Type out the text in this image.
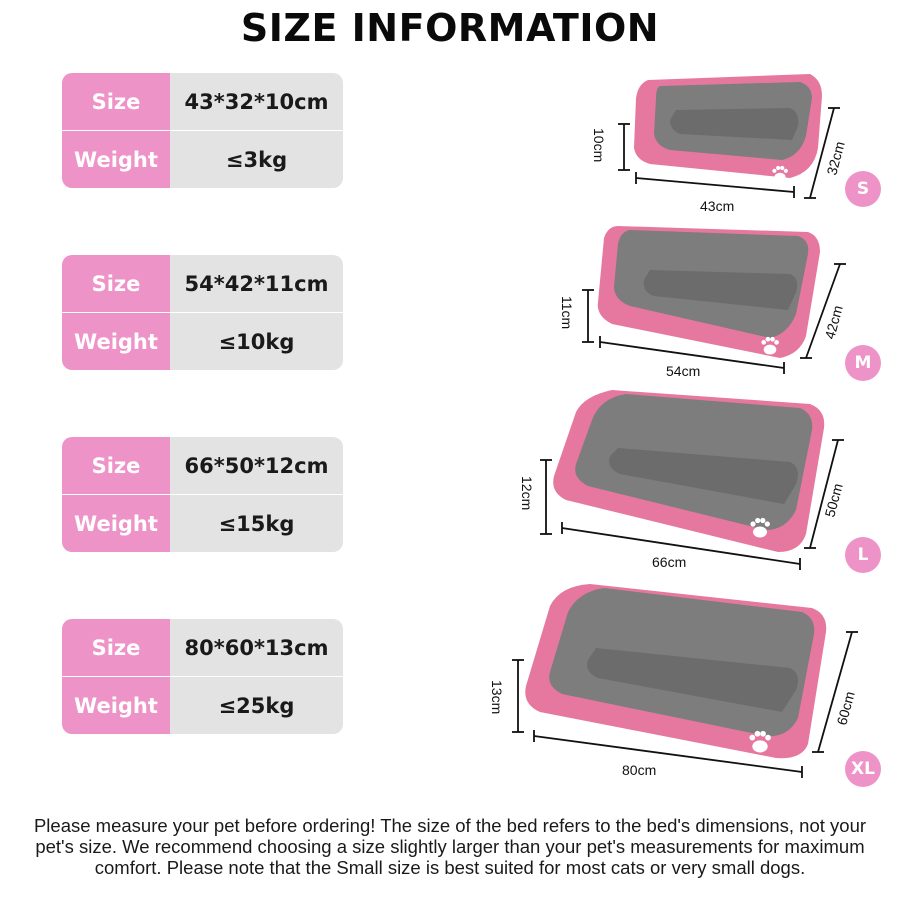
SIZE INFORMATION
Size	43*32*10cm
Weight	≤3kg
Size	54*42*11cm
Weight	≤10kg
Size	66*50*12cm
Weight	≤15kg
Size	80*60*13cm
Weight	≤25kg
43cm
10cm	32cm
54cm
11cm	42cm
66cm
12cm	50cm
80cm
13cm	60cm
S
M
L
XL
Please measure your pet before ordering! The size of the bed refers to the bed's dimensions, not your pet's size. We recommend choosing a size slightly larger than your pet's measurements for maximum comfort. Please note that the Small size is best suited for most cats or very small dogs.
